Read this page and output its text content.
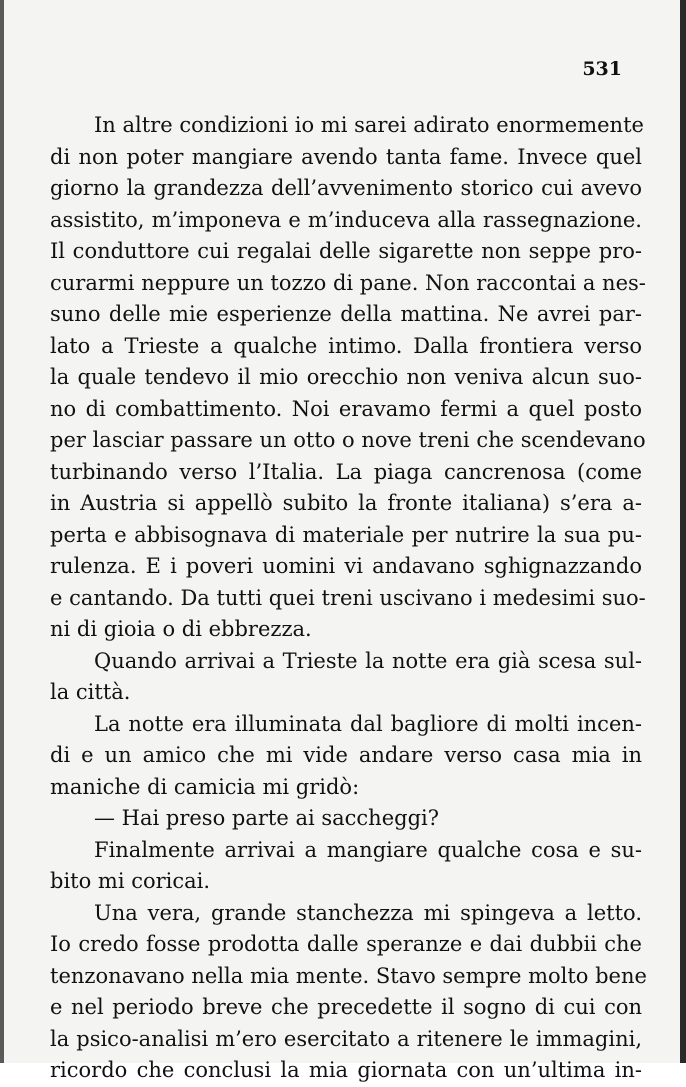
531
In altre condizioni io mi sarei adirato enormemente
di non poter mangiare avendo tanta fame. Invece quel
giorno la grandezza dell’avvenimento storico cui avevo
assistito, m’imponeva e m’induceva alla rassegnazione.
Il conduttore cui regalai delle sigarette non seppe pro-
curarmi neppure un tozzo di pane. Non raccontai a nes-
suno delle mie esperienze della mattina. Ne avrei par-
lato a Trieste a qualche intimo. Dalla frontiera verso
la quale tendevo il mio orecchio non veniva alcun suo-
no di combattimento. Noi eravamo fermi a quel posto
per lasciar passare un otto o nove treni che scendevano
turbinando verso l’Italia. La piaga cancrenosa (come
in Austria si appellò subito la fronte italiana) s’era a-
perta e abbisognava di materiale per nutrire la sua pu-
rulenza. E i poveri uomini vi andavano sghignazzando
e cantando. Da tutti quei treni uscivano i medesimi suo-
ni di gioia o di ebbrezza.
Quando arrivai a Trieste la notte era già scesa sul-
la città.
La notte era illuminata dal bagliore di molti incen-
di e un amico che mi vide andare verso casa mia in
maniche di camicia mi gridò:
— Hai preso parte ai saccheggi?
Finalmente arrivai a mangiare qualche cosa e su-
bito mi coricai.
Una vera, grande stanchezza mi spingeva a letto.
Io credo fosse prodotta dalle speranze e dai dubbii che
tenzonavano nella mia mente. Stavo sempre molto bene
e nel periodo breve che precedette il sogno di cui con
la psico-analisi m’ero esercitato a ritenere le immagini,
ricordo che conclusi la mia giornata con un’ultima in-
